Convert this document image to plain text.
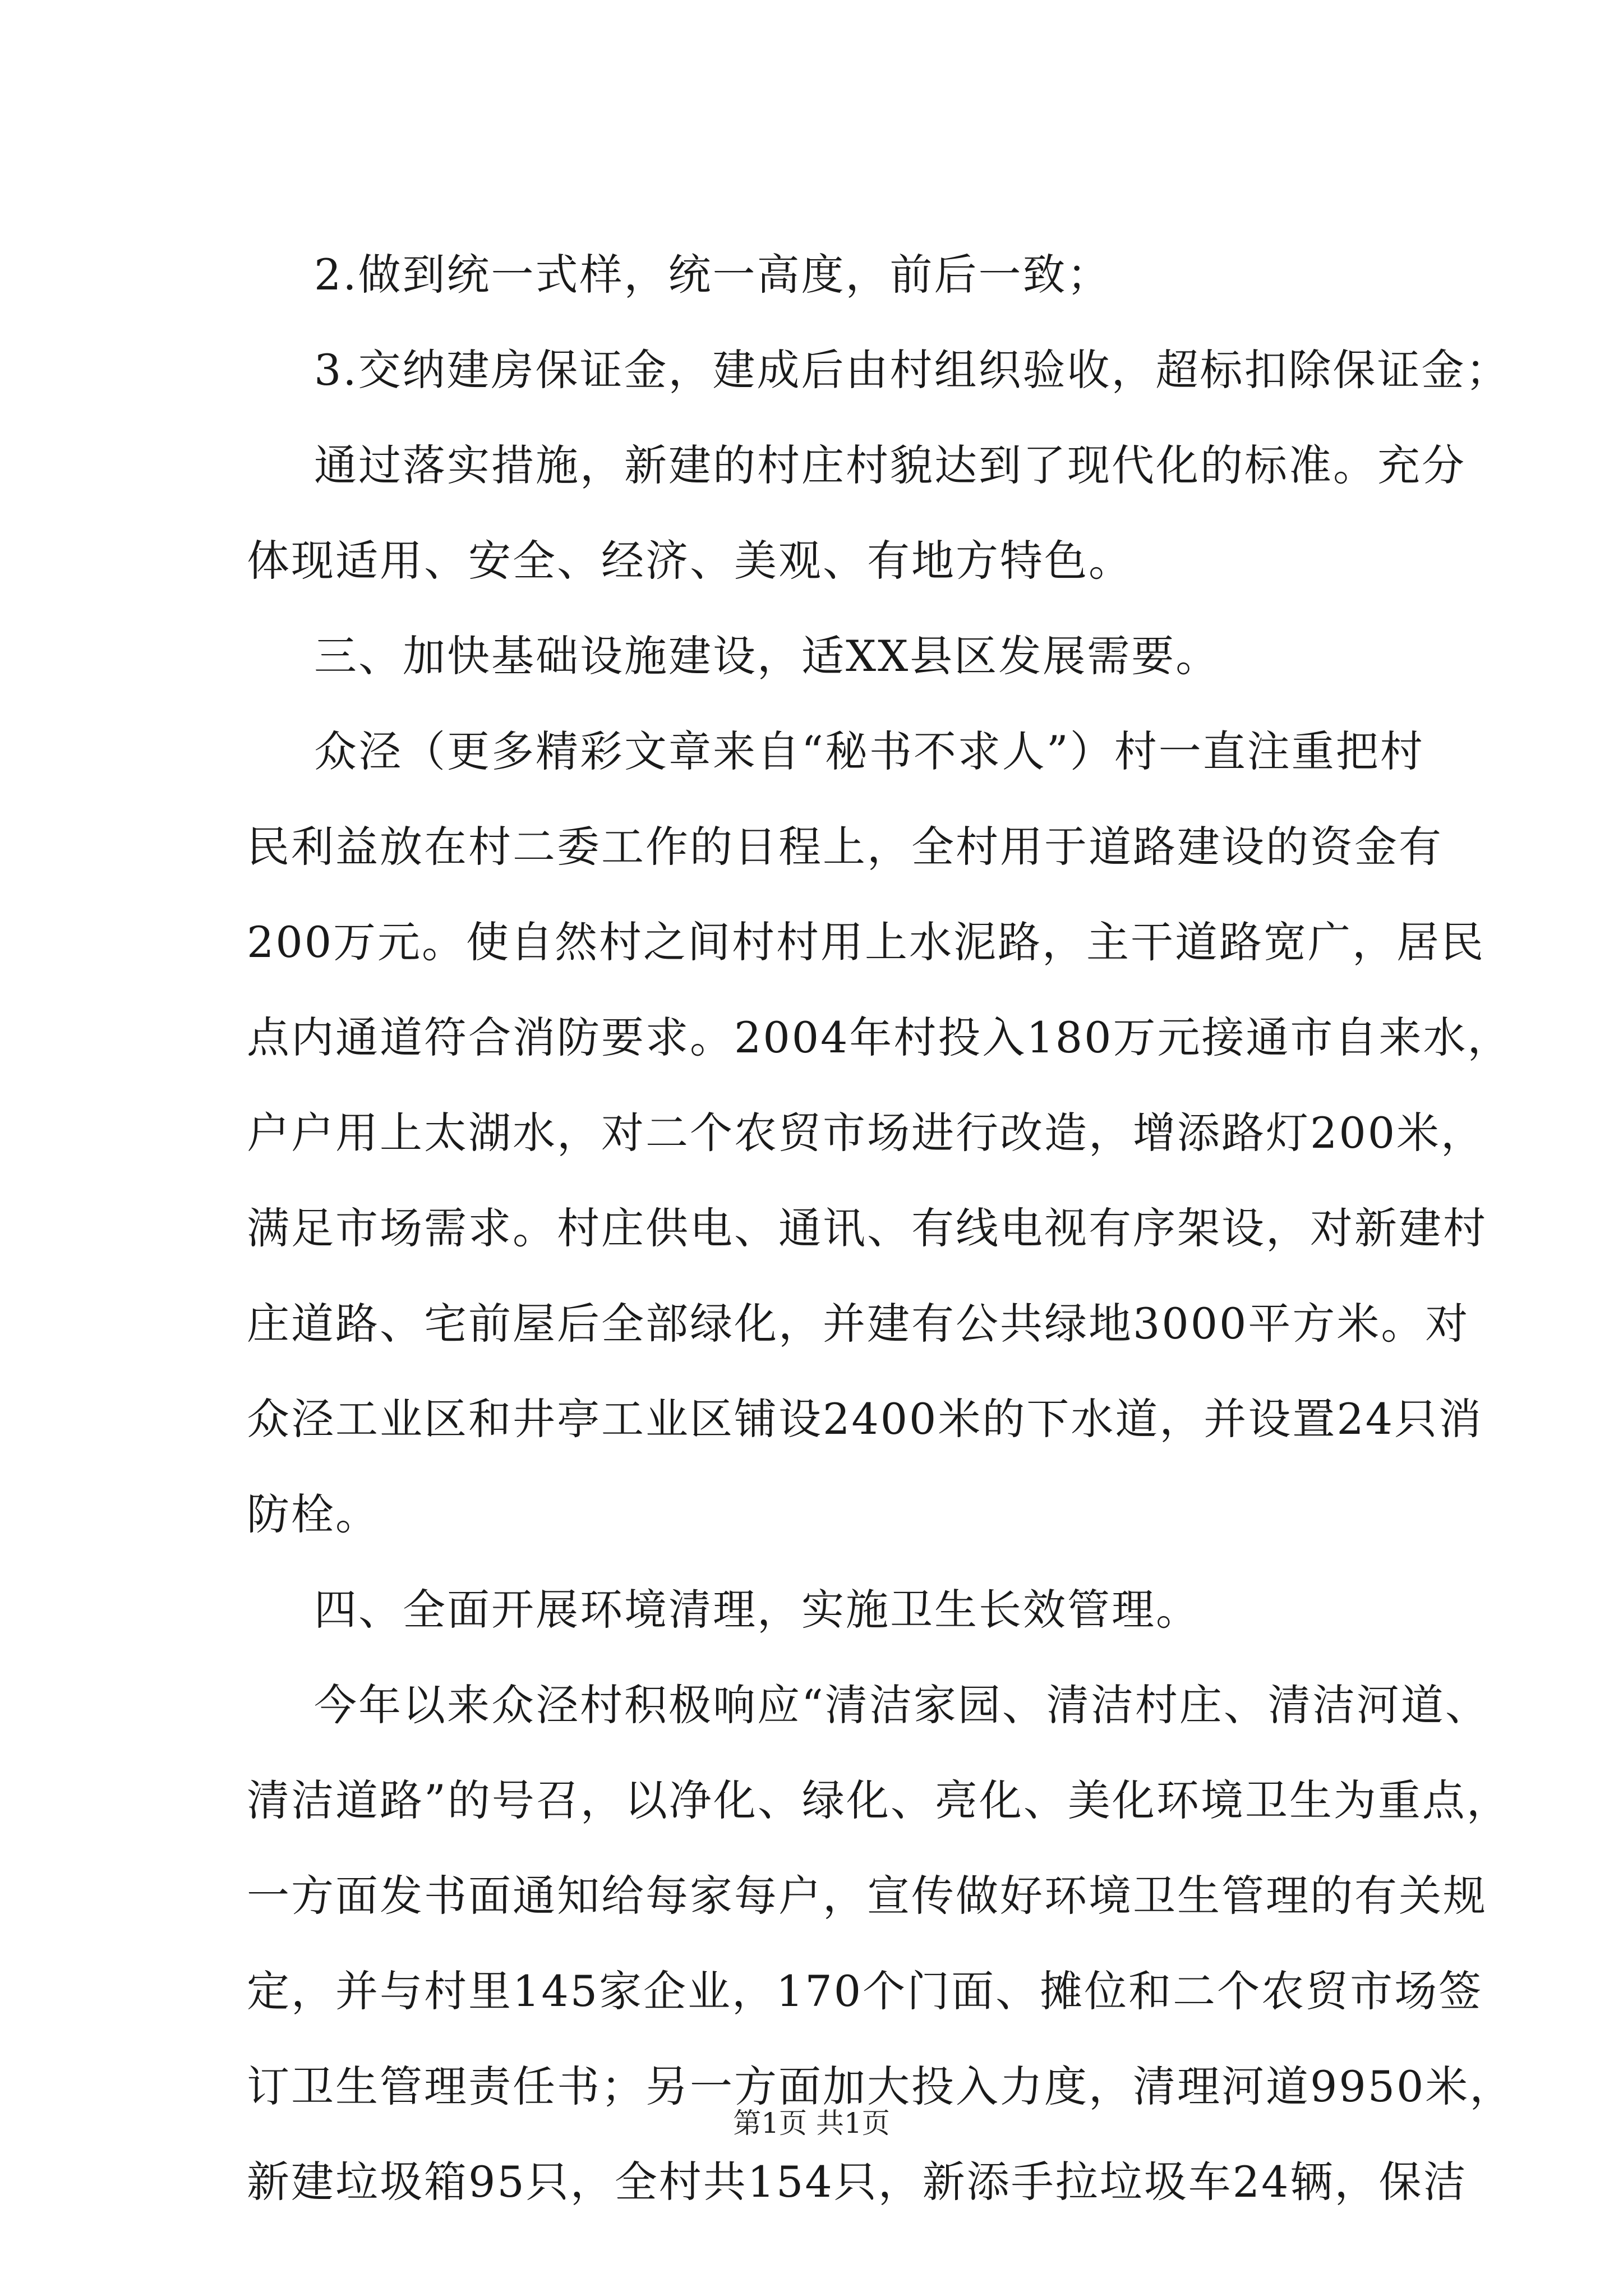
2.做到统一式样，统一高度，前后一致；
3.交纳建房保证金，建成后由村组织验收，超标扣除保证金；
通过落实措施，新建的村庄村貌达到了现代化的标准。充分
体现适用、安全、经济、美观、有地方特色。
三、加快基础设施建设，适XX县区发展需要。
众泾（更多精彩文章来自“秘书不求人”）村一直注重把村
民利益放在村二委工作的日程上，全村用于道路建设的资金有
200万元。使自然村之间村村用上水泥路，主干道路宽广，居民
点内通道符合消防要求。2004年村投入180万元接通市自来水，
户户用上太湖水，对二个农贸市场进行改造，增添路灯200米，
满足市场需求。村庄供电、通讯、有线电视有序架设，对新建村
庄道路、宅前屋后全部绿化，并建有公共绿地3000平方米。对
众泾工业区和井亭工业区铺设2400米的下水道，并设置24只消
防栓。
四、全面开展环境清理，实施卫生长效管理。
今年以来众泾村积极响应“清洁家园、清洁村庄、清洁河道、
清洁道路”的号召，以净化、绿化、亮化、美化环境卫生为重点，
一方面发书面通知给每家每户，宣传做好环境卫生管理的有关规
定，并与村里145家企业，170个门面、摊位和二个农贸市场签
订卫生管理责任书；另一方面加大投入力度，清理河道9950米，
新建垃圾箱95只，全村共154只，新添手拉垃圾车24辆，保洁
第1页 共1页
